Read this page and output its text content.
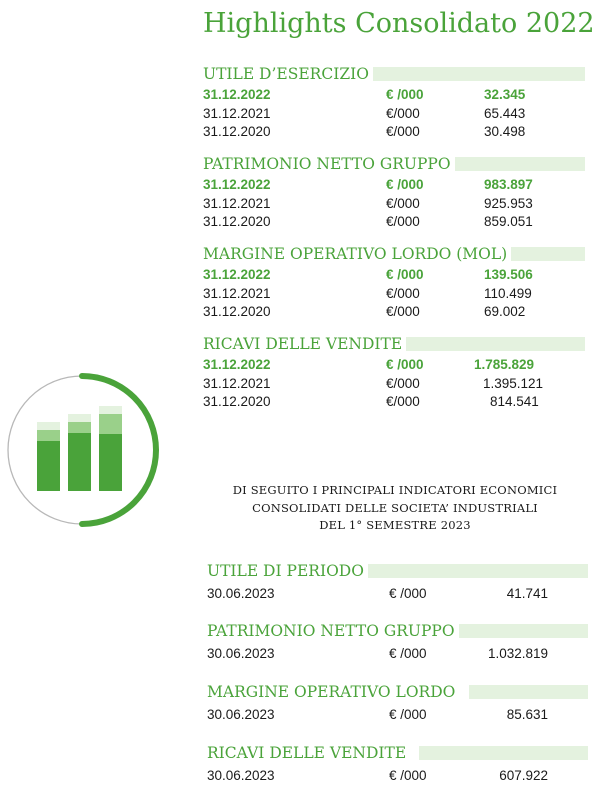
Highlights Consolidato 2022
UTILE D’ESERCIZIO
31.12.2022	€ /000	32.345
31.12.2021	€/000	65.443
31.12.2020	€/000	30.498
PATRIMONIO NETTO GRUPPO
31.12.2022	€ /000	983.897
31.12.2021	€/000	925.953
31.12.2020	€/000	859.051
MARGINE OPERATIVO LORDO (MOL)
31.12.2022	€ /000	139.506
31.12.2021	€/000	110.499
31.12.2020	€/000	69.002
RICAVI DELLE VENDITE
31.12.2022	€ /000	1.785.829
31.12.2021	€/000	1.395.121
31.12.2020	€/000	814.541
DI SEGUITO I PRINCIPALI INDICATORI ECONOMICI
CONSOLIDATI DELLE SOCIETA’ INDUSTRIALI
DEL 1° SEMESTRE 2023
UTILE DI PERIODO
30.06.2023	€ /000	41.741
PATRIMONIO NETTO GRUPPO
30.06.2023	€ /000	1.032.819
MARGINE OPERATIVO LORDO
30.06.2023	€ /000	85.631
RICAVI DELLE VENDITE
30.06.2023	€ /000	607.922
